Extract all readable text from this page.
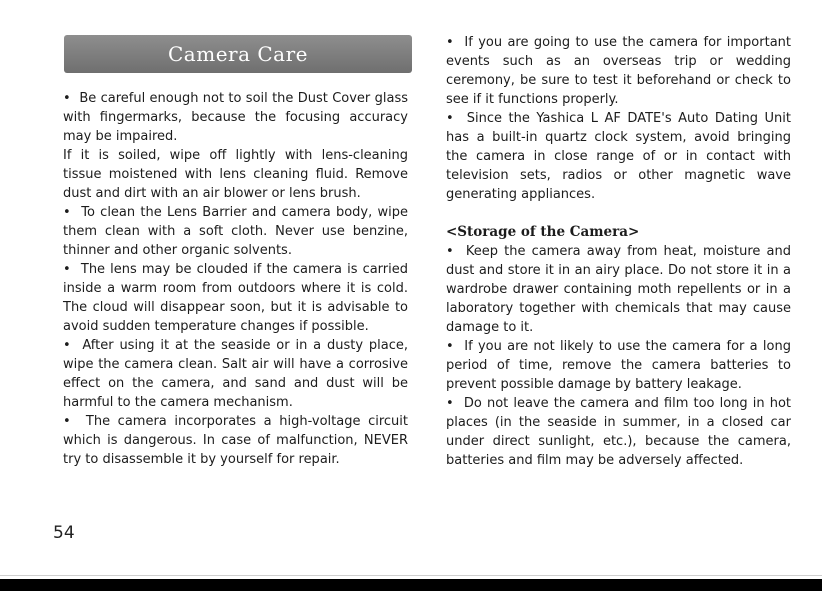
Camera Care

•  Be careful enough not to soil the Dust Cover glass with fingermarks, because the focusing accuracy may be impaired.

If it is soiled, wipe off lightly with lens-cleaning tissue moistened with lens cleaning fluid. Remove dust and dirt with an air blower or lens brush.

•  To clean the Lens Barrier and camera body, wipe them clean with a soft cloth. Never use benzine, thinner and other organic solvents.

•  The lens may be clouded if the camera is carried inside a warm room from outdoors where it is cold. The cloud will disappear soon, but it is advisable to avoid sudden temperature changes if possible.

•  After using it at the seaside or in a dusty place, wipe the camera clean. Salt air will have a corrosive effect on the camera, and sand and dust will be harmful to the camera mechanism.

•  The camera incorporates a high-voltage circuit which is dangerous. In case of malfunction, NEVER try to disassemble it by yourself for repair.

•  If you are going to use the camera for important events such as an overseas trip or wedding ceremony, be sure to test it beforehand or check to see if it functions properly.

•  Since the Yashica L AF DATE's Auto Dating Unit has a built-in quartz clock system, avoid bringing the camera in close range of or in contact with television sets, radios or other magnetic wave generating appliances.

<Storage of the Camera>

•  Keep the camera away from heat, moisture and dust and store it in an airy place. Do not store it in a wardrobe drawer containing moth repellents or in a laboratory together with chemicals that may cause damage to it.

•  If you are not likely to use the camera for a long period of time, remove the camera batteries to prevent possible damage by battery leakage.

•  Do not leave the camera and film too long in hot places (in the seaside in summer, in a closed car under direct sunlight, etc.), because the camera, batteries and film may be adversely affected.

54
